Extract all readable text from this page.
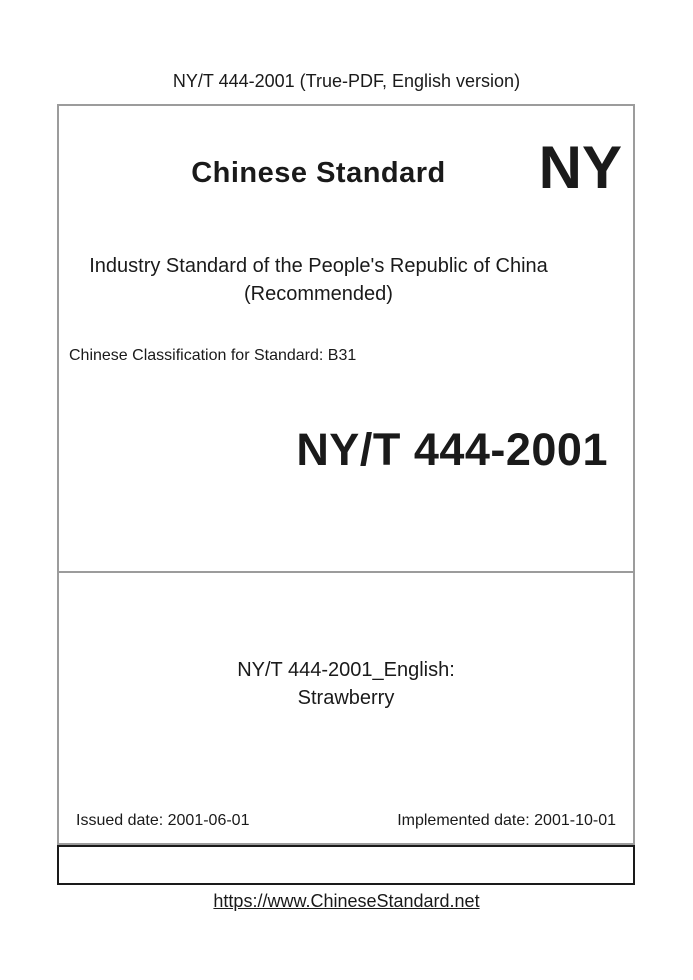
NY/T 444-2001 (True-PDF, English version)
Chinese Standard	NY
Industry Standard of the People's Republic of China
(Recommended)
Chinese Classification for Standard: B31
NY/T 444-2001
NY/T 444-2001_English:
Strawberry
Issued date: 2001-06-01	Implemented date: 2001-10-01
https://www.ChineseStandard.net
